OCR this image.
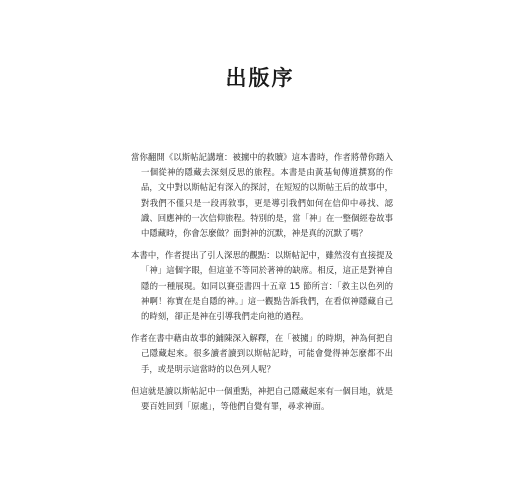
出版序

當你翻開《以斯帖記講壇：被擄中的救贖》這本書時，作者將帶你踏入一個從神的隱藏去深刻反思的旅程。本書是由黃基甸傳道撰寫的作品，文中對以斯帖記有深入的探討，在短短的以斯帖王后的故事中，對我們不僅只是一段再敘事，更是導引我們如何在信仰中尋找、認識、回應神的一次信仰旅程。特別的是，當「神」在一整個經卷故事中隱藏時，你會怎麼做？面對神的沉默，神是真的沉默了嗎？

本書中，作者提出了引人深思的觀點：以斯帖記中，雖然沒有直接提及「神」這個字眼，但這並不等同於著神的缺席。相反，這正是對神自隱的一種展現。如同以賽亞書四十五章 15 節所言：「救主以色列的神啊！祢實在是自隱的神。」這一觀點告訴我們，在看似神隱藏自己的時刻，卻正是神在引導我們走向祂的過程。

作者在書中藉由故事的鋪陳深入解釋，在「被擄」的時期，神為何把自己隱藏起來。很多讀者讀到以斯帖記時，可能會覺得神怎麼都不出手，或是明示這當時的以色列人呢？

但這就是讀以斯帖記中一個重點，神把自己隱藏起來有一個目地，就是要百姓回到「原處」，等他們自覺有罪，尋求神面。
